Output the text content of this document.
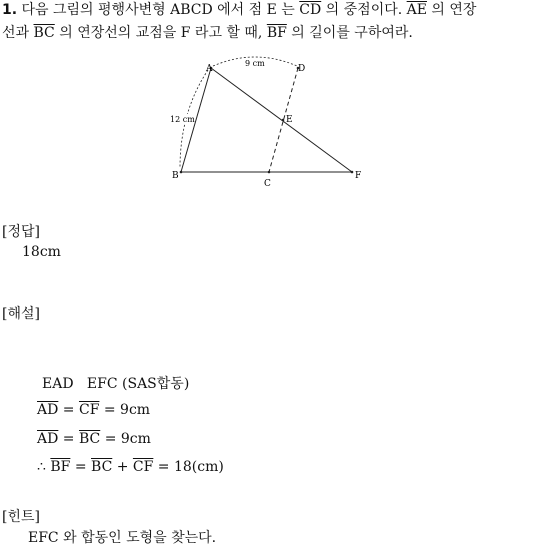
1. 다음 그림의 평행사변형 ABCD 에서 점 E 는 $\overline{CD}$ 의 중점이다. $\overline{AE}$ 의 연장
선과 $\overline{BC}$ 의 연장선의 교점을 F 라고 할 때, $\overline{BF}$ 의 길이를 구하여라.
A
B
C
D
E
F
9 cm
12 cm
[정답]
18cm
[해설]
EAD EFC (SAS합동)
$\overline{AD} = \overline{CF} = 9cm$
$\overline{AD} = \overline{BC} = 9cm$
∴ $\overline{BF} = \overline{BC} + \overline{CF} = 18(cm)$
[힌트]
EFC 와 합동인 도형을 찾는다.
